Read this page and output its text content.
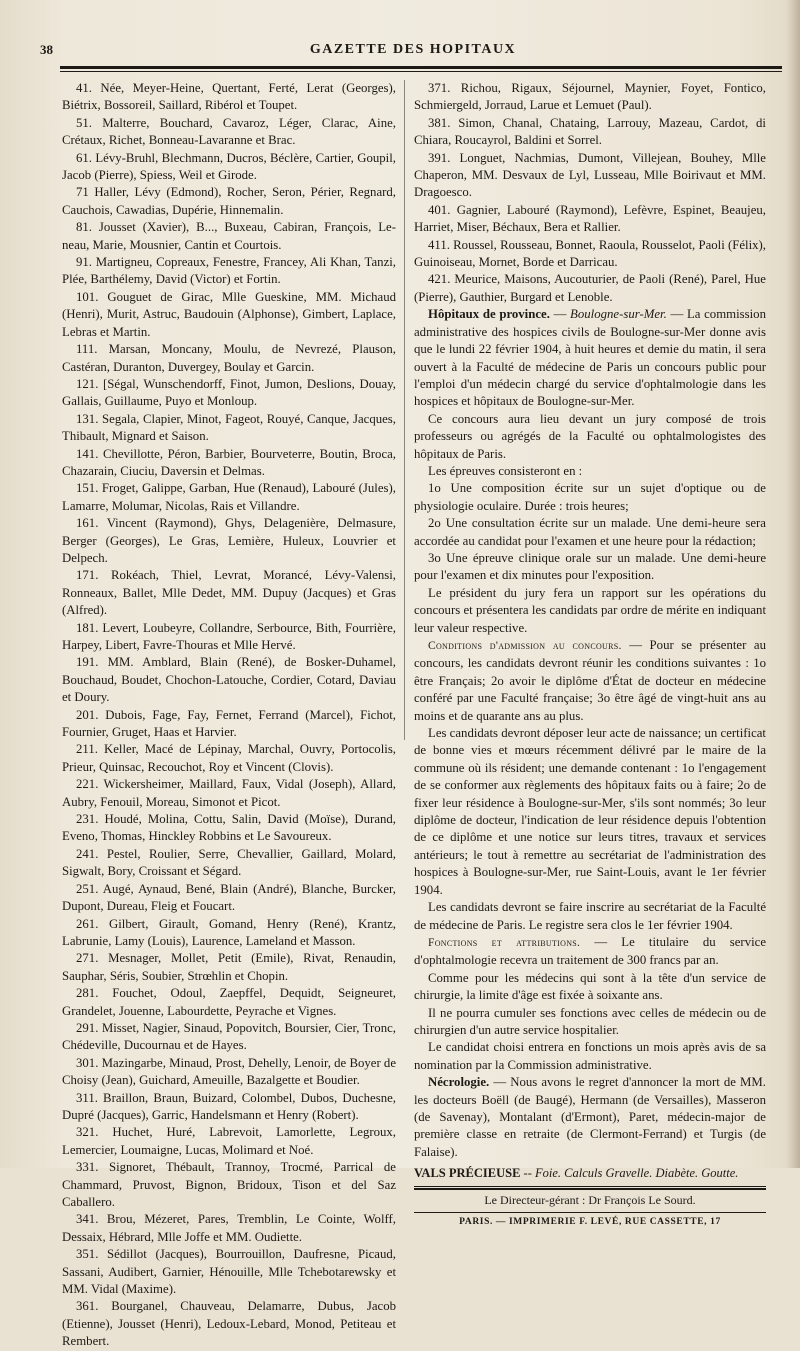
38	GAZETTE DES HOPITAUX

41. Née, Meyer-Heine, Quertant, Ferté, Lerat (Georges), Biétrix, Bossoreil, Saillard, Ribérol et Toupet.

51. Malterre, Bouchard, Cavaroz, Léger, Clarac, Aine, Crétaux, Richet, Bonneau-Lavaranne et Brac.

61. Lévy-Bruhl, Blechmann, Ducros, Béclère, Cartier, Goupil, Jacob (Pierre), Spiess, Weil et Girode.

71 Haller, Lévy (Edmond), Rocher, Seron, Périer, Regnard, Cauchois, Cawadias, Dupérie, Hinnemalin.

81. Jousset (Xavier), B..., Buxeau, Cabiran, François, Le-neau, Marie, Mousnier, Cantin et Courtois.

91. Martigneu, Copreaux, Fenestre, Francey, Ali Khan, Tanzi, Plée, Barthélemy, David (Victor) et Fortin.

101. Gouguet de Girac, Mlle Gueskine, MM. Michaud (Henri), Murit, Astruc, Baudouin (Alphonse), Gimbert, Laplace, Lebras et Martin.

111. Marsan, Moncany, Moulu, de Nevrezé, Plauson, Castéran, Duranton, Duvergey, Boulay et Garcin.

121. [Ségal, Wunschendorff, Finot, Jumon, Deslions, Douay, Gallais, Guillaume, Puyo et Monloup.

131. Segala, Clapier, Minot, Fageot, Rouyé, Canque, Jacques, Thibault, Mignard et Saison.

141. Chevillotte, Péron, Barbier, Bourveterre, Boutin, Broca, Chazarain, Ciuciu, Daversin et Delmas.

151. Froget, Galippe, Garban, Hue (Renaud), Labouré (Jules), Lamarre, Molumar, Nicolas, Rais et Villandre.

161. Vincent (Raymond), Ghys, Delagenière, Delmasure, Berger (Georges), Le Gras, Lemière, Huleux, Louvrier et Delpech.

171. Rokéach, Thiel, Levrat, Morancé, Lévy-Valensi, Ronneaux, Ballet, Mlle Dedet, MM. Dupuy (Jacques) et Gras (Alfred).

181. Levert, Loubeyre, Collandre, Serbource, Bith, Fourrière, Harpey, Libert, Favre-Thouras et Mlle Hervé.

191. MM. Amblard, Blain (René), de Bosker-Duhamel, Bouchaud, Boudet, Chochon-Latouche, Cordier, Cotard, Daviau et Doury.

201. Dubois, Fage, Fay, Fernet, Ferrand (Marcel), Fichot, Fournier, Gruget, Haas et Harvier.

211. Keller, Macé de Lépinay, Marchal, Ouvry, Portocolis, Prieur, Quinsac, Recouchot, Roy et Vincent (Clovis).

221. Wickersheimer, Maillard, Faux, Vidal (Joseph), Allard, Aubry, Fenouil, Moreau, Simonot et Picot.

231. Houdé, Molina, Cottu, Salin, David (Moïse), Durand, Eveno, Thomas, Hinckley Robbins et Le Savoureux.

241. Pestel, Roulier, Serre, Chevallier, Gaillard, Molard, Sigwalt, Bory, Croissant et Ségard.

251. Augé, Aynaud, Bené, Blain (André), Blanche, Burcker, Dupont, Dureau, Fleig et Foucart.

261. Gilbert, Girault, Gomand, Henry (René), Krantz, Labrunie, Lamy (Louis), Laurence, Lameland et Masson.

271. Mesnager, Mollet, Petit (Emile), Rivat, Renaudin, Sauphar, Séris, Soubier, Strœhlin et Chopin.

281. Fouchet, Odoul, Zaepffel, Dequidt, Seigneuret, Grandelet, Jouenne, Labourdette, Peyrache et Vignes.

291. Misset, Nagier, Sinaud, Popovitch, Boursier, Cier, Tronc, Chédeville, Ducournau et de Hayes.

301. Mazingarbe, Minaud, Prost, Dehelly, Lenoir, de Boyer de Choisy (Jean), Guichard, Ameuille, Bazalgette et Boudier.

311. Braillon, Braun, Buizard, Colombel, Dubos, Duchesne, Dupré (Jacques), Garric, Handelsmann et Henry (Robert).

321. Huchet, Huré, Labrevoit, Lamorlette, Legroux, Lemercier, Loumaigne, Lucas, Molimard et Noé.

331. Signoret, Thébault, Trannoy, Trocmé, Parrical de Chammard, Pruvost, Bignon, Bridoux, Tison et del Saz Caballero.

341. Brou, Mézeret, Pares, Tremblin, Le Cointe, Wolff, Dessaix, Hébrard, Mlle Joffe et MM. Oudiette.

351. Sédillot (Jacques), Bourrouillon, Daufresne, Picaud, Sassani, Audibert, Garnier, Hénouille, Mlle Tchebotarewsky et MM. Vidal (Maxime).

361. Bourganel, Chauveau, Delamarre, Dubus, Jacob (Etienne), Jousset (Henri), Ledoux-Lebard, Monod, Petiteau et Rembert.

371. Richou, Rigaux, Séjournel, Maynier, Foyet, Fontico, Schmiergeld, Jorraud, Larue et Lemuet (Paul).

381. Simon, Chanal, Chataing, Larrouy, Mazeau, Cardot, di Chiara, Roucayrol, Baldini et Sorrel.

391. Longuet, Nachmias, Dumont, Villejean, Bouhey, Mlle Chaperon, MM. Desvaux de Lyl, Lusseau, Mlle Boirivaut et MM. Dragoesco.

401. Gagnier, Labouré (Raymond), Lefèvre, Espinet, Beaujeu, Harriet, Miser, Béchaux, Bera et Rallier.

411. Roussel, Rousseau, Bonnet, Raoula, Rousselot, Paoli (Félix), Guinoiseau, Mornet, Borde et Darricau.

421. Meurice, Maisons, Aucouturier, de Paoli (René), Parel, Hue (Pierre), Gauthier, Burgard et Lenoble.

Hôpitaux de province. — Boulogne-sur-Mer. — La commission administrative des hospices civils de Boulogne-sur-Mer donne avis que le lundi 22 février 1904, à huit heures et demie du matin, il sera ouvert à la Faculté de médecine de Paris un concours public pour l'emploi d'un médecin chargé du service d'ophtalmologie dans les hospices et hôpitaux de Boulogne-sur-Mer.

Ce concours aura lieu devant un jury composé de trois professeurs ou agrégés de la Faculté ou ophtalmologistes des hôpitaux de Paris.

Les épreuves consisteront en :

1o Une composition écrite sur un sujet d'optique ou de physiologie oculaire. Durée : trois heures;

2o Une consultation écrite sur un malade. Une demi-heure sera accordée au candidat pour l'examen et une heure pour la rédaction;

3o Une épreuve clinique orale sur un malade. Une demi-heure pour l'examen et dix minutes pour l'exposition.

Le président du jury fera un rapport sur les opérations du concours et présentera les candidats par ordre de mérite en indiquant leur valeur respective.

Conditions d'admission au concours. — Pour se présenter au concours, les candidats devront réunir les conditions suivantes : 1o être Français; 2o avoir le diplôme d'État de docteur en médecine conféré par une Faculté française; 3o être âgé de vingt-huit ans au moins et de quarante ans au plus.

Les candidats devront déposer leur acte de naissance; un certificat de bonne vies et mœurs récemment délivré par le maire de la commune où ils résident; une demande contenant : 1o l'engagement de se conformer aux règlements des hôpitaux faits ou à faire; 2o de fixer leur résidence à Boulogne-sur-Mer, s'ils sont nommés; 3o leur diplôme de docteur, l'indication de leur résidence depuis l'obtention de ce diplôme et une notice sur leurs titres, travaux et services antérieurs; le tout à remettre au secrétariat de l'administration des hospices à Boulogne-sur-Mer, rue Saint-Louis, avant le 1er février 1904.

Les candidats devront se faire inscrire au secrétariat de la Faculté de médecine de Paris. Le registre sera clos le 1er février 1904.

Fonctions et attributions. — Le titulaire du service d'ophtalmologie recevra un traitement de 300 francs par an.

Comme pour les médecins qui sont à la tête d'un service de chirurgie, la limite d'âge est fixée à soixante ans.

Il ne pourra cumuler ses fonctions avec celles de médecin ou de chirurgien d'un autre service hospitalier.

Le candidat choisi entrera en fonctions un mois après avis de sa nomination par la Commission administrative.

Nécrologie. — Nous avons le regret d'annoncer la mort de MM. les docteurs Boëll (de Baugé), Hermann (de Versailles), Masseron (de Savenay), Montalant (d'Ermont), Paret, médecin-major de première classe en retraite (de Clermont-Ferrand) et Turgis (de Falaise).

VALS PRÉCIEUSE -- Foie. Calculs Gravelle. Diabète. Goutte.

Le Directeur-gérant : Dr François Le Sourd.

PARIS. — IMPRIMERIE F. LEVÉ, RUE CASSETTE, 17
